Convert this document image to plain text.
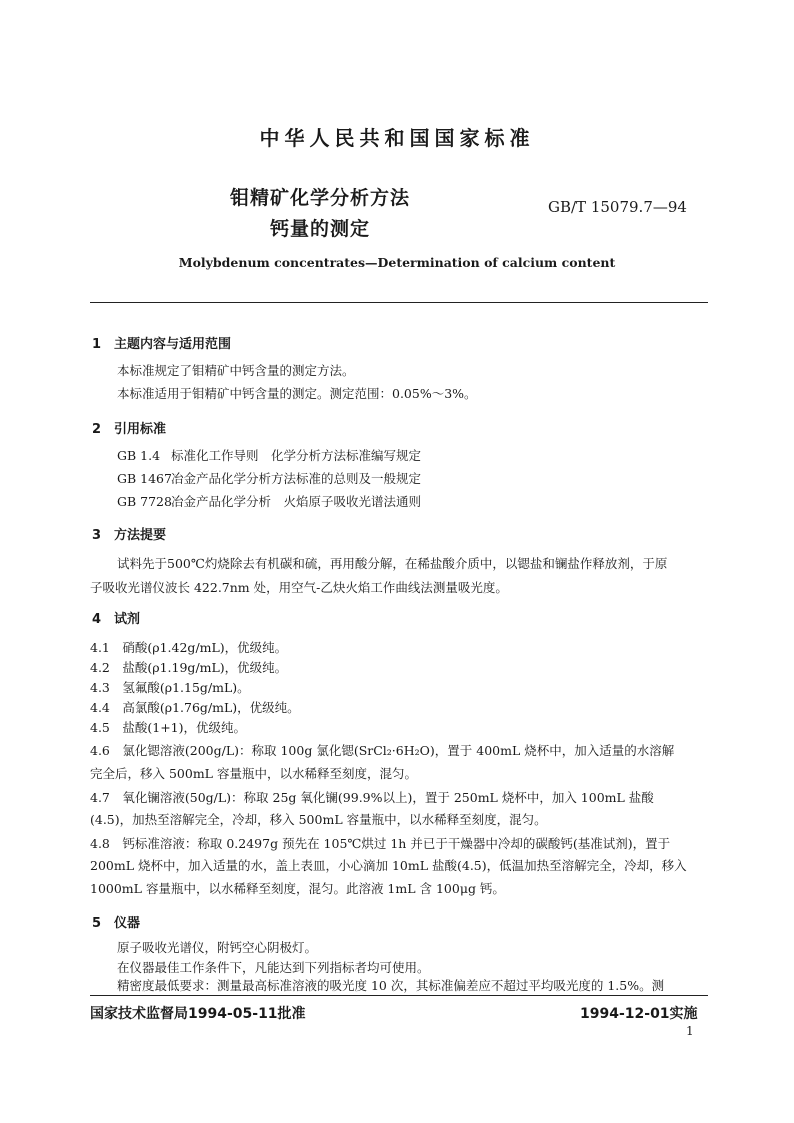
中华人民共和国国家标准
钼精矿化学分析方法
钙量的测定
GB/T 15079.7—94
Molybdenum concentrates—Determination of calcium content
1 主题内容与适用范围
本标准规定了钼精矿中钙含量的测定方法。
本标准适用于钼精矿中钙含量的测定。测定范围：0.05%～3%。
2 引用标准
GB 1.4 标准化工作导则　化学分析方法标准编写规定
GB 1467冶金产品化学分析方法标准的总则及一般规定
GB 7728冶金产品化学分析　火焰原子吸收光谱法通则
3 方法提要
试料先于500℃灼烧除去有机碳和硫，再用酸分解，在稀盐酸介质中，以锶盐和镧盐作释放剂，于原
子吸收光谱仪波长 422.7nm 处，用空气-乙炔火焰工作曲线法测量吸光度。
4 试剂
4.1　硝酸(ρ1.42g/mL)，优级纯。
4.2　盐酸(ρ1.19g/mL)，优级纯。
4.3　氢氟酸(ρ1.15g/mL)。
4.4　高氯酸(ρ1.76g/mL)，优级纯。
4.5　盐酸(1+1)，优级纯。
4.6　氯化锶溶液(200g/L)：称取 100g 氯化锶(SrCl₂·6H₂O)，置于 400mL 烧杯中，加入适量的水溶解
完全后，移入 500mL 容量瓶中，以水稀释至刻度，混匀。
4.7　氧化镧溶液(50g/L)：称取 25g 氧化镧(99.9%以上)，置于 250mL 烧杯中，加入 100mL 盐酸
(4.5)，加热至溶解完全，冷却，移入 500mL 容量瓶中，以水稀释至刻度，混匀。
4.8　钙标准溶液：称取 0.2497g 预先在 105℃烘过 1h 并已于干燥器中冷却的碳酸钙(基准试剂)，置于
200mL 烧杯中，加入适量的水，盖上表皿，小心滴加 10mL 盐酸(4.5)，低温加热至溶解完全，冷却，移入
1000mL 容量瓶中，以水稀释至刻度，混匀。此溶液 1mL 含 100μg 钙。
5 仪器
原子吸收光谱仪，附钙空心阴极灯。
在仪器最佳工作条件下，凡能达到下列指标者均可使用。
精密度最低要求：测量最高标准溶液的吸光度 10 次，其标准偏差应不超过平均吸光度的 1.5%。测
国家技术监督局1994-05-11批准	1994-12-01实施
1
